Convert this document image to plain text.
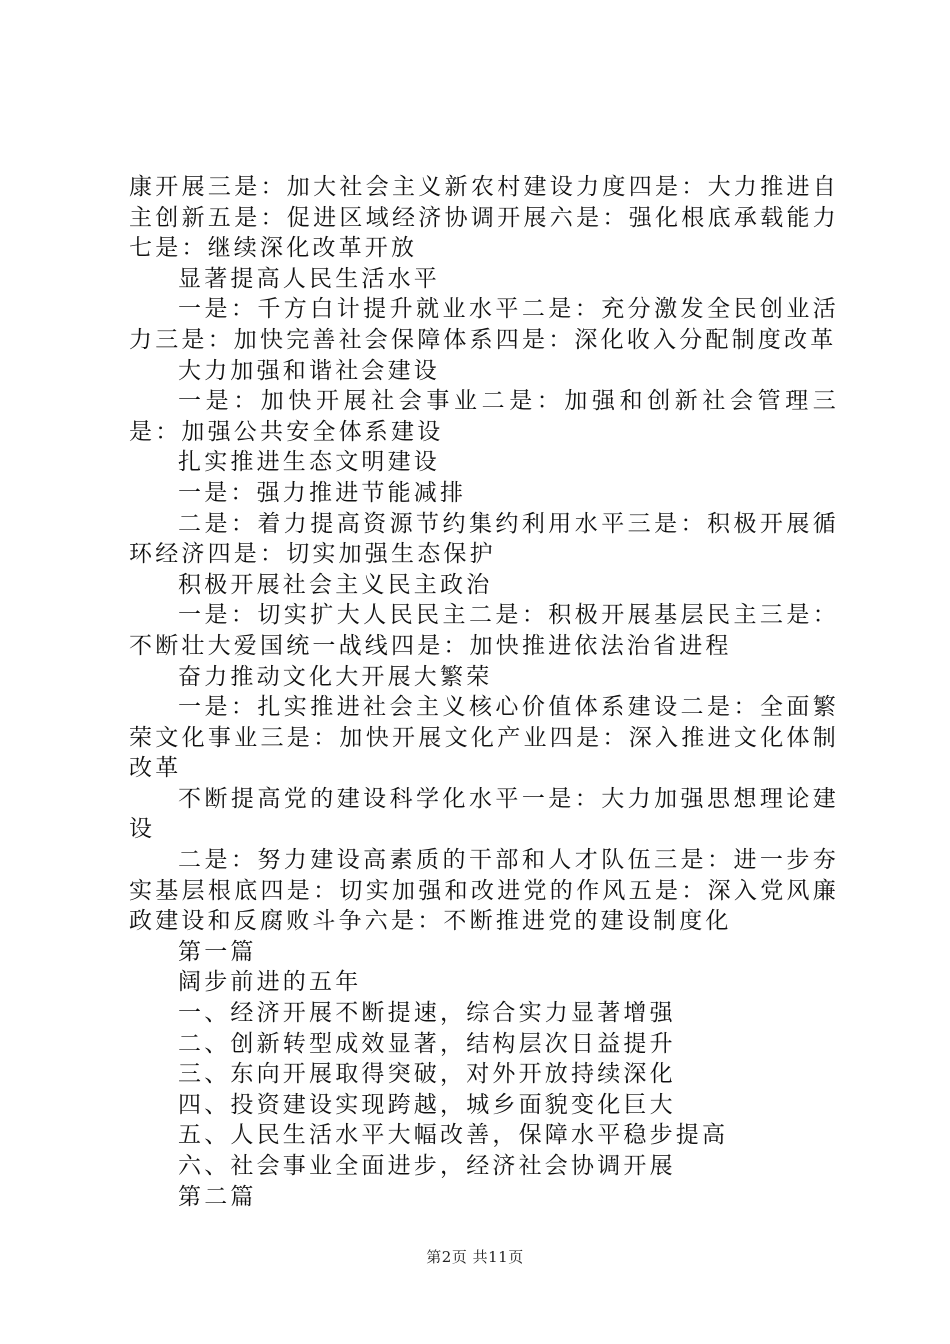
康开展三是：加大社会主义新农村建设力度四是：大力推进自主创新五是：促进区域经济协调开展六是：强化根底承载能力七是：继续深化改革开放

显著提高人民生活水平

一是：千方白计提升就业水平二是：充分激发全民创业活力三是：加快完善社会保障体系四是：深化收入分配制度改革

大力加强和谐社会建设

一是：加快开展社会事业二是：加强和创新社会管理三是：加强公共安全体系建设

扎实推进生态文明建设

一是：强力推进节能减排

二是：着力提高资源节约集约利用水平三是：积极开展循环经济四是：切实加强生态保护

积极开展社会主义民主政治

一是：切实扩大人民民主二是：积极开展基层民主三是：不断壮大爱国统一战线四是：加快推进依法治省进程

奋力推动文化大开展大繁荣

一是：扎实推进社会主义核心价值体系建设二是：全面繁荣文化事业三是：加快开展文化产业四是：深入推进文化体制改革

不断提高党的建设科学化水平一是：大力加强思想理论建设

二是：努力建设高素质的干部和人才队伍三是：进一步夯实基层根底四是：切实加强和改进党的作风五是：深入党风廉政建设和反腐败斗争六是：不断推进党的建设制度化

第一篇

阔步前进的五年

一、经济开展不断提速，综合实力显著增强

二、创新转型成效显著，结构层次日益提升

三、东向开展取得突破，对外开放持续深化

四、投资建设实现跨越，城乡面貌变化巨大

五、人民生活水平大幅改善，保障水平稳步提高

六、社会事业全面进步，经济社会协调开展

第二篇

第2页 共11页
